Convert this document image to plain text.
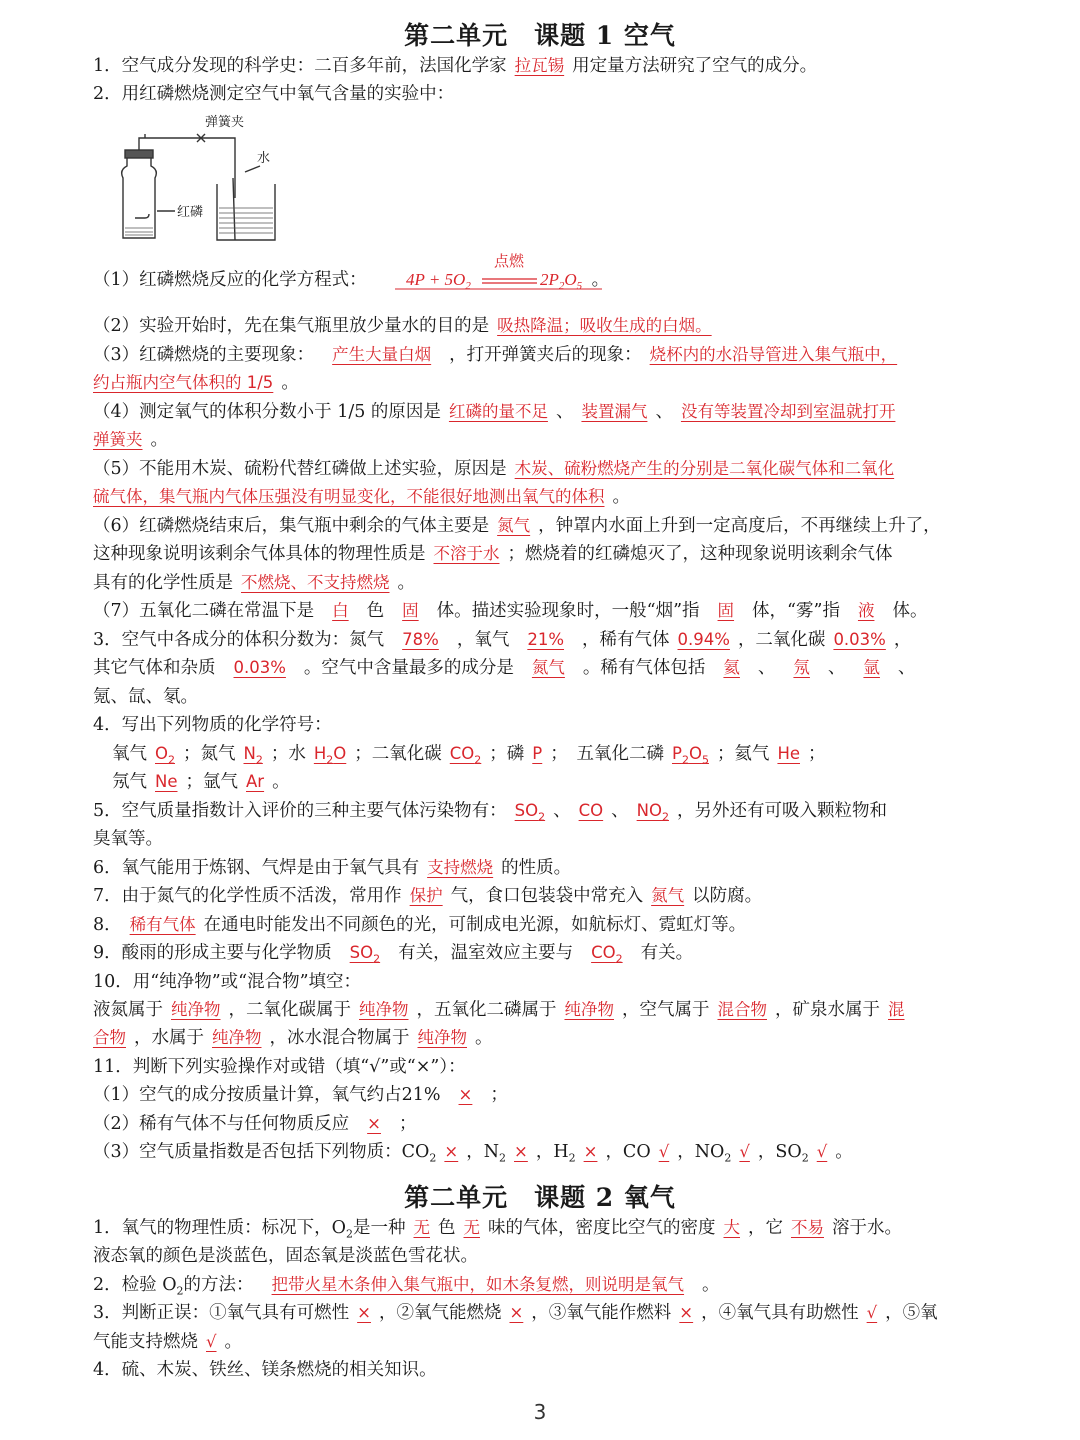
第二单元　课题 1 空气
1．空气成分发现的科学史：二百多年前，法国化学家 拉瓦锡 用定量方法研究了空气的成分。
2．用红磷燃烧测定空气中氧气含量的实验中：
弹簧夹
水
红磷
（1）红磷燃烧反应的化学方程式：	。
点燃
$4P + 5O_2$	$2P_2O_5$
（2）实验开始时，先在集气瓶里放少量水的目的是 吸热降温；吸收生成的白烟。
（3）红磷燃烧的主要现象： 产生大量白烟 ，打开弹簧夹后的现象： 烧杯内的水沿导管进入集气瓶中，
约占瓶内空气体积的 1/5 。
（4）测定氧气的体积分数小于 1/5 的原因是 红磷的量不足 、 装置漏气 、 没有等装置冷却到室温就打开
弹簧夹 。
（5）不能用木炭、硫粉代替红磷做上述实验，原因是 木炭、硫粉燃烧产生的分别是二氧化碳气体和二氧化
硫气体，集气瓶内气体压强没有明显变化，不能很好地测出氧气的体积 。
（6）红磷燃烧结束后，集气瓶中剩余的气体主要是 氮气 ，钟罩内水面上升到一定高度后，不再继续上升了，
这种现象说明该剩余气体具体的物理性质是 不溶于水 ；燃烧着的红磷熄灭了，这种现象说明该剩余气体
具有的化学性质是 不燃烧、不支持燃烧 。
（7）五氧化二磷在常温下是 白 色 固 体。描述实验现象时，一般“烟”指 固 体，“雾”指 液 体。
3．空气中各成分的体积分数为：氮气 78% ，氧气 21% ，稀有气体 0.94% ，二氧化碳 0.03% ，
其它气体和杂质 0.03% 。空气中含量最多的成分是 氮气 。稀有气体包括 氦 、 氖 、 氩 、
氪、氙、氡。
4．写出下列物质的化学符号：
氧气 $O_2$ ；氮气 $N_2$ ；水 $H_2O$ ；二氧化碳 $CO_2$ ；磷 P ；　五氧化二磷 $P_2O_5$ ；氦气 He ；
氖气 Ne ；氩气 Ar 。
5．空气质量指数计入评价的三种主要气体污染物有： $SO_2$ 、 CO 、 $NO_2$ ，另外还有可吸入颗粒物和
臭氧等。
6．氧气能用于炼钢、气焊是由于氧气具有 支持燃烧 的性质。
7．由于氮气的化学性质不活泼，常用作 保护 气，食口包装袋中常充入 氮气 以防腐。
8． 稀有气体 在通电时能发出不同颜色的光，可制成电光源，如航标灯、霓虹灯等。
9．酸雨的形成主要与化学物质 $SO_2$ 有关，温室效应主要与 $CO_2$ 有关。
10．用“纯净物”或“混合物”填空：
液氮属于 纯净物 ，二氧化碳属于 纯净物 ，五氧化二磷属于 纯净物 ，空气属于 混合物 ，矿泉水属于 混
合物 ，水属于 纯净物 ，冰水混合物属于 纯净物 。
11．判断下列实验操作对或错（填“√”或“×”）：
（1）空气的成分按质量计算，氧气约占21% × ；
（2）稀有气体不与任何物质反应 × ；
（3）空气质量指数是否包括下列物质：$CO_2$ × ，$N_2$ × ，$H_2$ × ，CO √ ，$NO_2$ √ ，$SO_2$ √ 。
第二单元　课题 2 氧气
1．氧气的物理性质：标况下，$O_2$是一种 无 色 无 味的气体，密度比空气的密度 大 ，它 不易 溶于水。
液态氧的颜色是淡蓝色，固态氧是淡蓝色雪花状。
2．检验 $O_2$的方法： 把带火星木条伸入集气瓶中，如木条复燃，则说明是氧气 。
3．判断正误：①氧气具有可燃性 × ，②氧气能燃烧 × ，③氧气能作燃料 × ，④氧气具有助燃性 √ ，⑤氧
气能支持燃烧 √ 。
4．硫、木炭、铁丝、镁条燃烧的相关知识。
3
